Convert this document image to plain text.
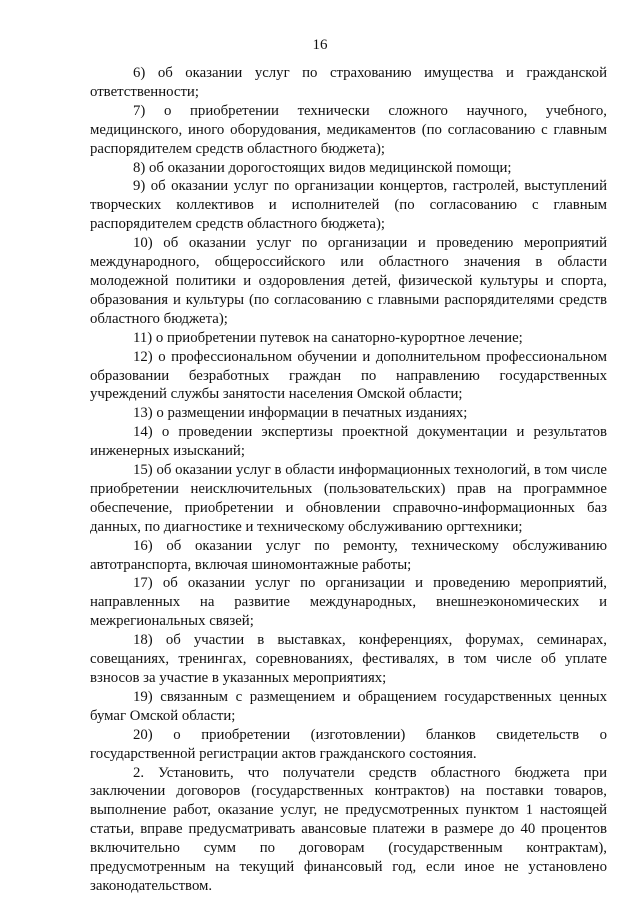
16

6) об оказании услуг по страхованию имущества и гражданской ответственности;

7) о приобретении технически сложного научного, учебного, медицинского, иного оборудования, медикаментов (по согласованию с главным распорядителем средств областного бюджета);

8) об оказании дорогостоящих видов медицинской помощи;

9) об оказании услуг по организации концертов, гастролей, выступлений творческих коллективов и исполнителей (по согласованию с главным распорядителем средств областного бюджета);

10) об оказании услуг по организации и проведению мероприятий международного, общероссийского или областного значения в области молодежной политики и оздоровления детей, физической культуры и спорта, образования и культуры (по согласованию с главными распорядителями средств областного бюджета);

11) о приобретении путевок на санаторно-курортное лечение;

12) о профессиональном обучении и дополнительном профессиональном образовании безработных граждан по направлению государственных учреждений службы занятости населения Омской области;

13) о размещении информации в печатных изданиях;

14) о проведении экспертизы проектной документации и результатов инженерных изысканий;

15) об оказании услуг в области информационных технологий, в том числе приобретении неисключительных (пользовательских) прав на программное обеспечение, приобретении и обновлении справочно-информационных баз данных, по диагностике и техническому обслуживанию оргтехники;

16) об оказании услуг по ремонту, техническому обслуживанию автотранспорта, включая шиномонтажные работы;

17) об оказании услуг по организации и проведению мероприятий, направленных на развитие международных, внешнеэкономических и межрегиональных связей;

18) об участии в выставках, конференциях, форумах, семинарах, совещаниях, тренингах, соревнованиях, фестивалях, в том числе об уплате взносов за участие в указанных мероприятиях;

19) связанным с размещением и обращением государственных ценных бумаг Омской области;

20) о приобретении (изготовлении) бланков свидетельств о государственной регистрации актов гражданского состояния.

2. Установить, что получатели средств областного бюджета при заключении договоров (государственных контрактов) на поставки товаров, выполнение работ, оказание услуг, не предусмотренных пунктом 1 настоящей статьи, вправе предусматривать авансовые платежи в размере до 40 процентов включительно сумм по договорам (государственным контрактам), предусмотренным на текущий финансовый год, если иное не установлено законодательством.
